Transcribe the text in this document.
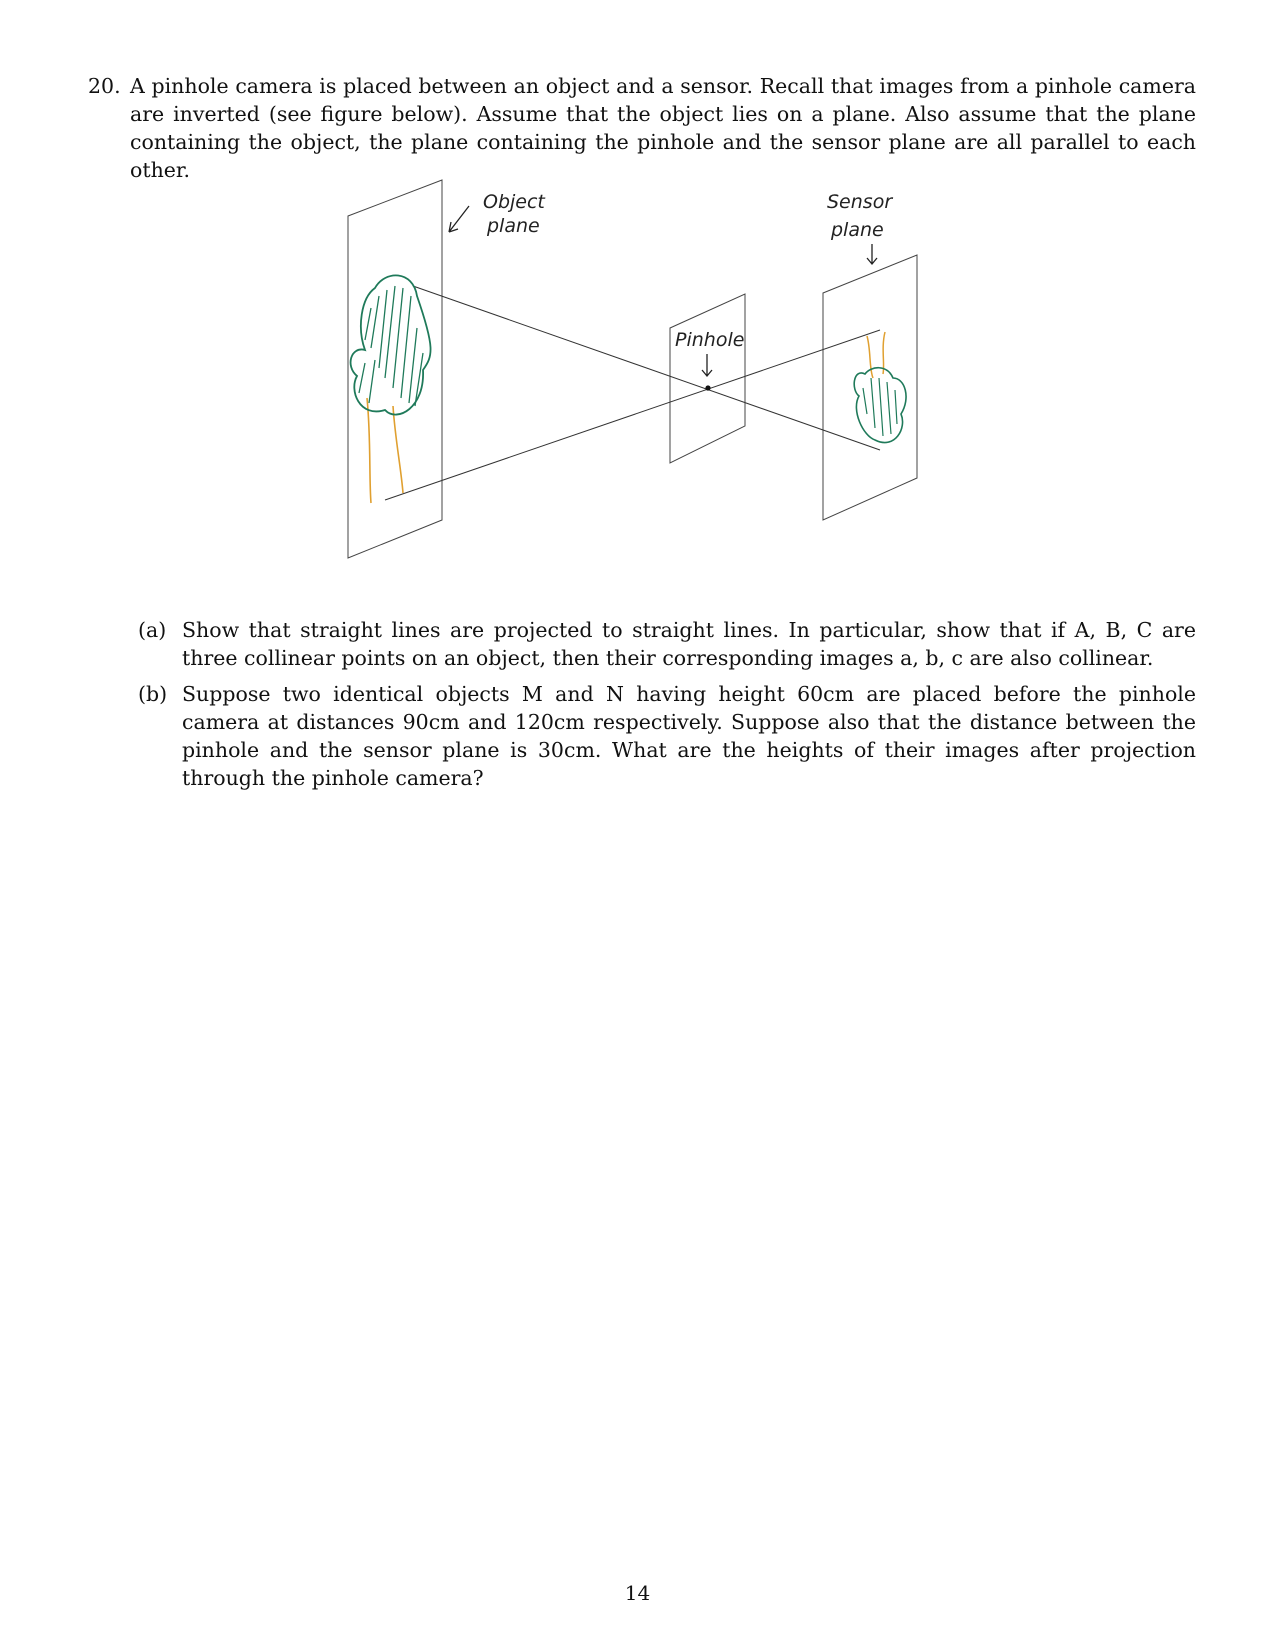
20. A pinhole camera is placed between an object and a sensor. Recall that images from a pinhole camera are inverted (see figure below). Assume that the object lies on a plane. Also assume that the plane containing the object, the plane containing the pinhole and the sensor plane are all parallel to each other.
Object
plane
Sensor
plane
Pinhole
(a) Show that straight lines are projected to straight lines. In particular, show that if A, B, C are three collinear points on an object, then their corresponding images a, b, c are also collinear.
(b) Suppose two identical objects M and N having height 60cm are placed before the pinhole camera at distances 90cm and 120cm respectively. Suppose also that the distance between the pinhole and the sensor plane is 30cm. What are the heights of their images after projection through the pinhole camera?
14
